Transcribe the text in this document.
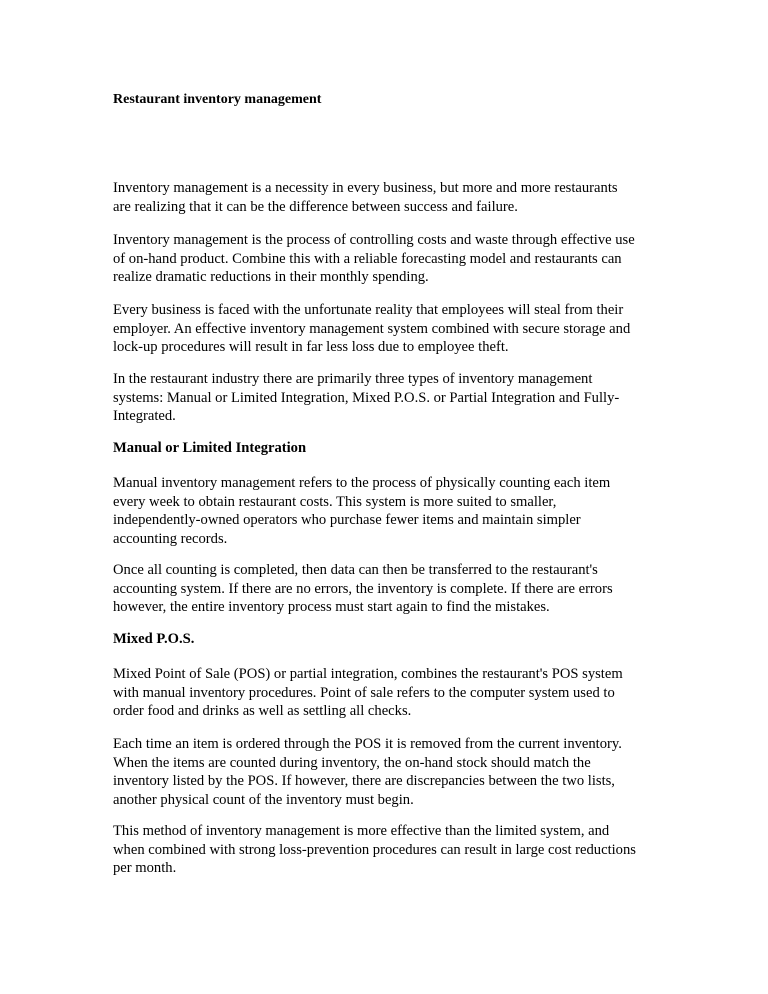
Restaurant inventory management

Inventory management is a necessity in every business, but more and more restaurants
are realizing that it can be the difference between success and failure.

Inventory management is the process of controlling costs and waste through effective use
of on-hand product. Combine this with a reliable forecasting model and restaurants can
realize dramatic reductions in their monthly spending.

Every business is faced with the unfortunate reality that employees will steal from their
employer. An effective inventory management system combined with secure storage and
lock-up procedures will result in far less loss due to employee theft.

In the restaurant industry there are primarily three types of inventory management
systems: Manual or Limited Integration, Mixed P.O.S. or Partial Integration and Fully-
Integrated.

Manual or Limited Integration

Manual inventory management refers to the process of physically counting each item
every week to obtain restaurant costs. This system is more suited to smaller,
independently-owned operators who purchase fewer items and maintain simpler
accounting records.

Once all counting is completed, then data can then be transferred to the restaurant's
accounting system. If there are no errors, the inventory is complete. If there are errors
however, the entire inventory process must start again to find the mistakes.

Mixed P.O.S.

Mixed Point of Sale (POS) or partial integration, combines the restaurant's POS system
with manual inventory procedures. Point of sale refers to the computer system used to
order food and drinks as well as settling all checks.

Each time an item is ordered through the POS it is removed from the current inventory.
When the items are counted during inventory, the on-hand stock should match the
inventory listed by the POS. If however, there are discrepancies between the two lists,
another physical count of the inventory must begin.

This method of inventory management is more effective than the limited system, and
when combined with strong loss-prevention procedures can result in large cost reductions
per month.
